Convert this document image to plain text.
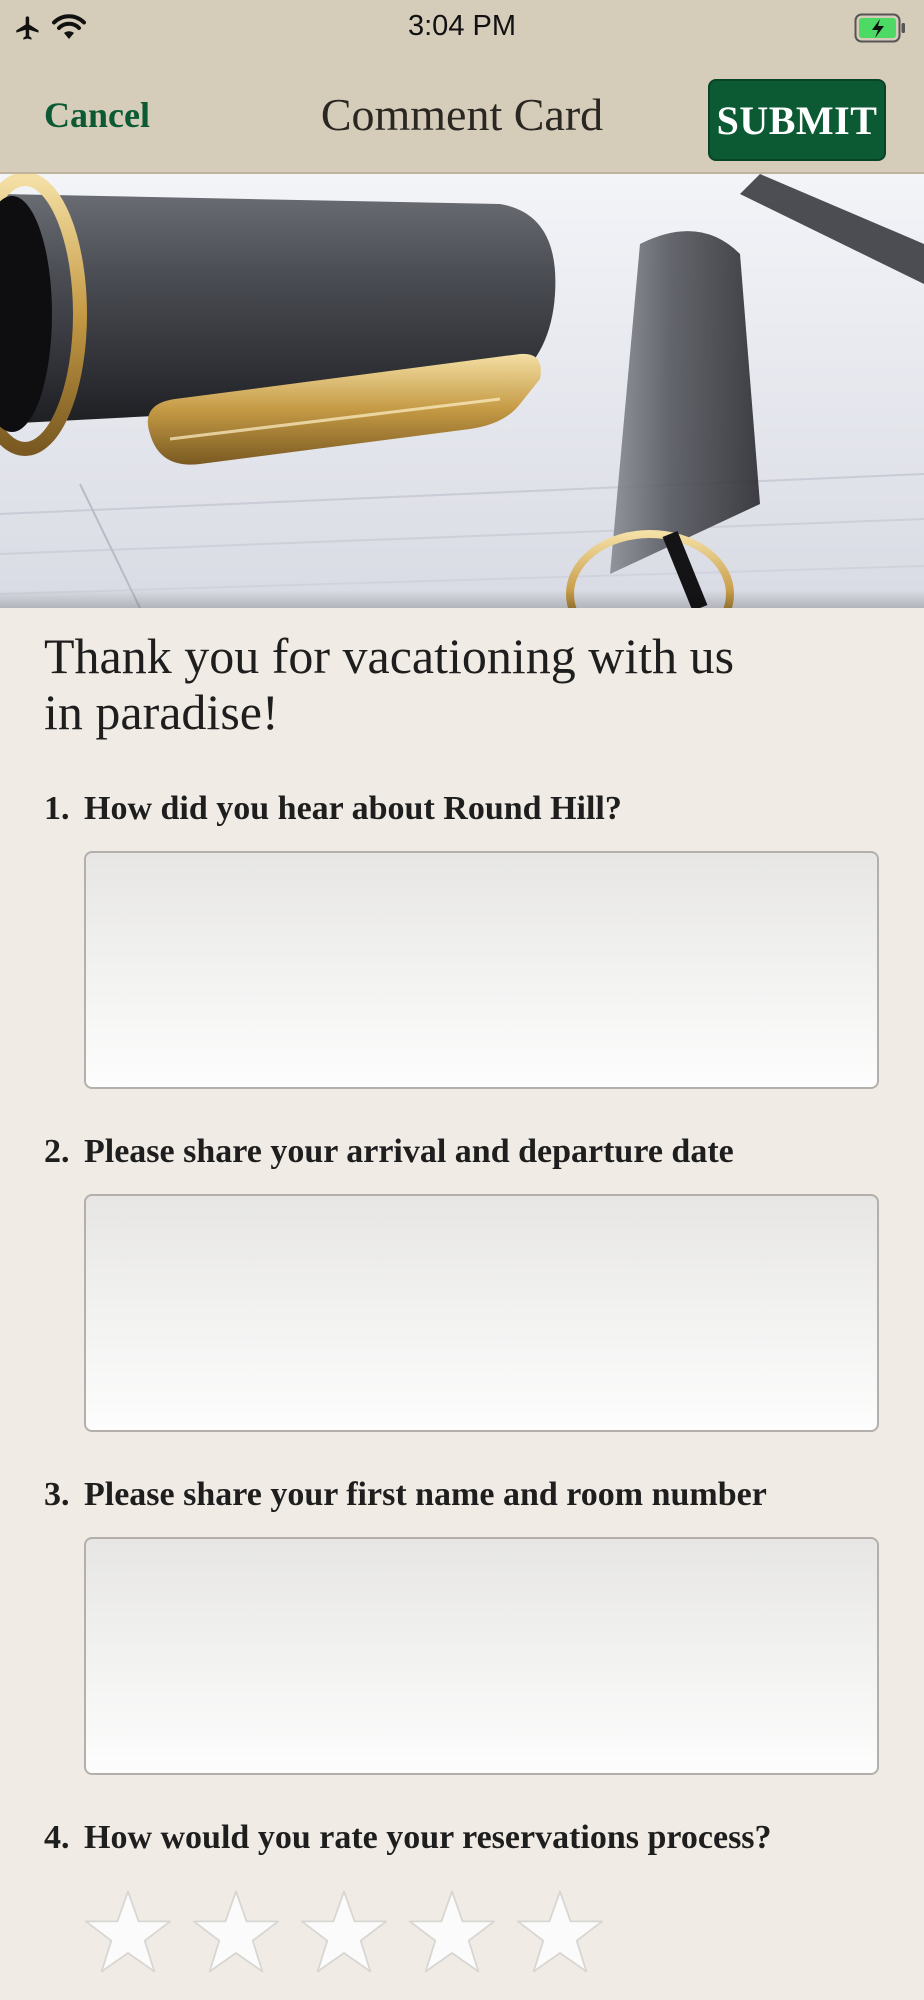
3:04 PM
Cancel	Comment Card	SUBMIT
Thank you for vacationing with us in paradise!
1. How did you hear about Round Hill?
2. Please share your arrival and departure date
3. Please share your first name and room number
4. How would you rate your reservations process?
